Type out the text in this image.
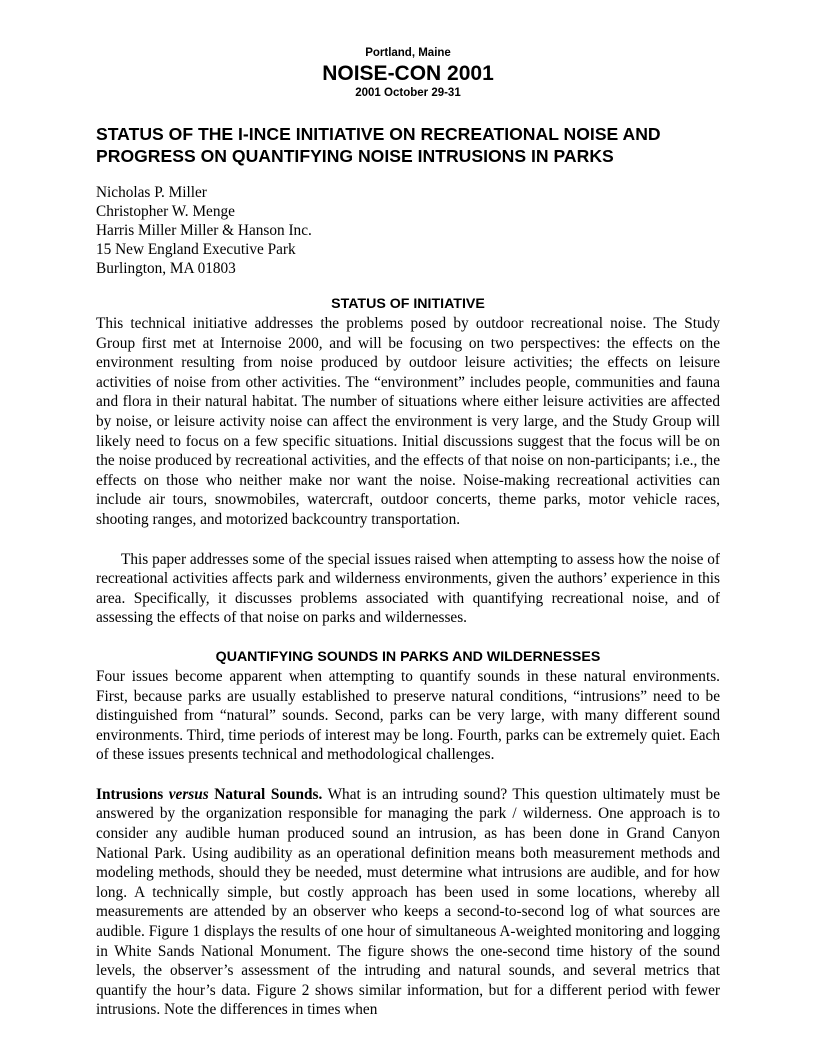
Portland, Maine
NOISE-CON 2001
2001 October 29-31
STATUS OF THE I-INCE INITIATIVE ON RECREATIONAL NOISE AND
PROGRESS ON QUANTIFYING NOISE INTRUSIONS IN PARKS
Nicholas P. Miller
Christopher W. Menge
Harris Miller Miller & Hanson Inc.
15 New England Executive Park
Burlington, MA 01803
STATUS OF INITIATIVE

This technical initiative addresses the problems posed by outdoor recreational noise. The Study Group first met at Internoise 2000, and will be focusing on two perspectives: the effects on the environment resulting from noise produced by outdoor leisure activities; the effects on leisure activities of noise from other activities. The “environment” includes people, communities and fauna and flora in their natural habitat. The number of situations where either leisure activities are affected by noise, or leisure activity noise can affect the environment is very large, and the Study Group will likely need to focus on a few specific situations. Initial discussions suggest that the focus will be on the noise produced by recreational activities, and the effects of that noise on non-participants; i.e., the effects on those who neither make nor want the noise. Noise-making recreational activities can include air tours, snowmobiles, watercraft, outdoor concerts, theme parks, motor vehicle races, shooting ranges, and motorized backcountry transportation.

This paper addresses some of the special issues raised when attempting to assess how the noise of recreational activities affects park and wilderness environments, given the authors’ experience in this area. Specifically, it discusses problems associated with quantifying recreational noise, and of assessing the effects of that noise on parks and wildernesses.

QUANTIFYING SOUNDS IN PARKS AND WILDERNESSES

Four issues become apparent when attempting to quantify sounds in these natural environments. First, because parks are usually established to preserve natural conditions, “intrusions” need to be distinguished from “natural” sounds. Second, parks can be very large, with many different sound environments. Third, time periods of interest may be long. Fourth, parks can be extremely quiet. Each of these issues presents technical and methodological challenges.

Intrusions versus Natural Sounds. What is an intruding sound? This question ultimately must be answered by the organization responsible for managing the park / wilderness. One approach is to consider any audible human produced sound an intrusion, as has been done in Grand Canyon National Park. Using audibility as an operational definition means both measurement methods and modeling methods, should they be needed, must determine what intrusions are audible, and for how long. A technically simple, but costly approach has been used in some locations, whereby all measurements are attended by an observer who keeps a second-to-second log of what sources are audible. Figure 1 displays the results of one hour of simultaneous A-weighted monitoring and logging in White Sands National Monument. The figure shows the one-second time history of the sound levels, the observer’s assessment of the intruding and natural sounds, and several metrics that quantify the hour’s data. Figure 2 shows similar information, but for a different period with fewer intrusions. Note the differences in times when
